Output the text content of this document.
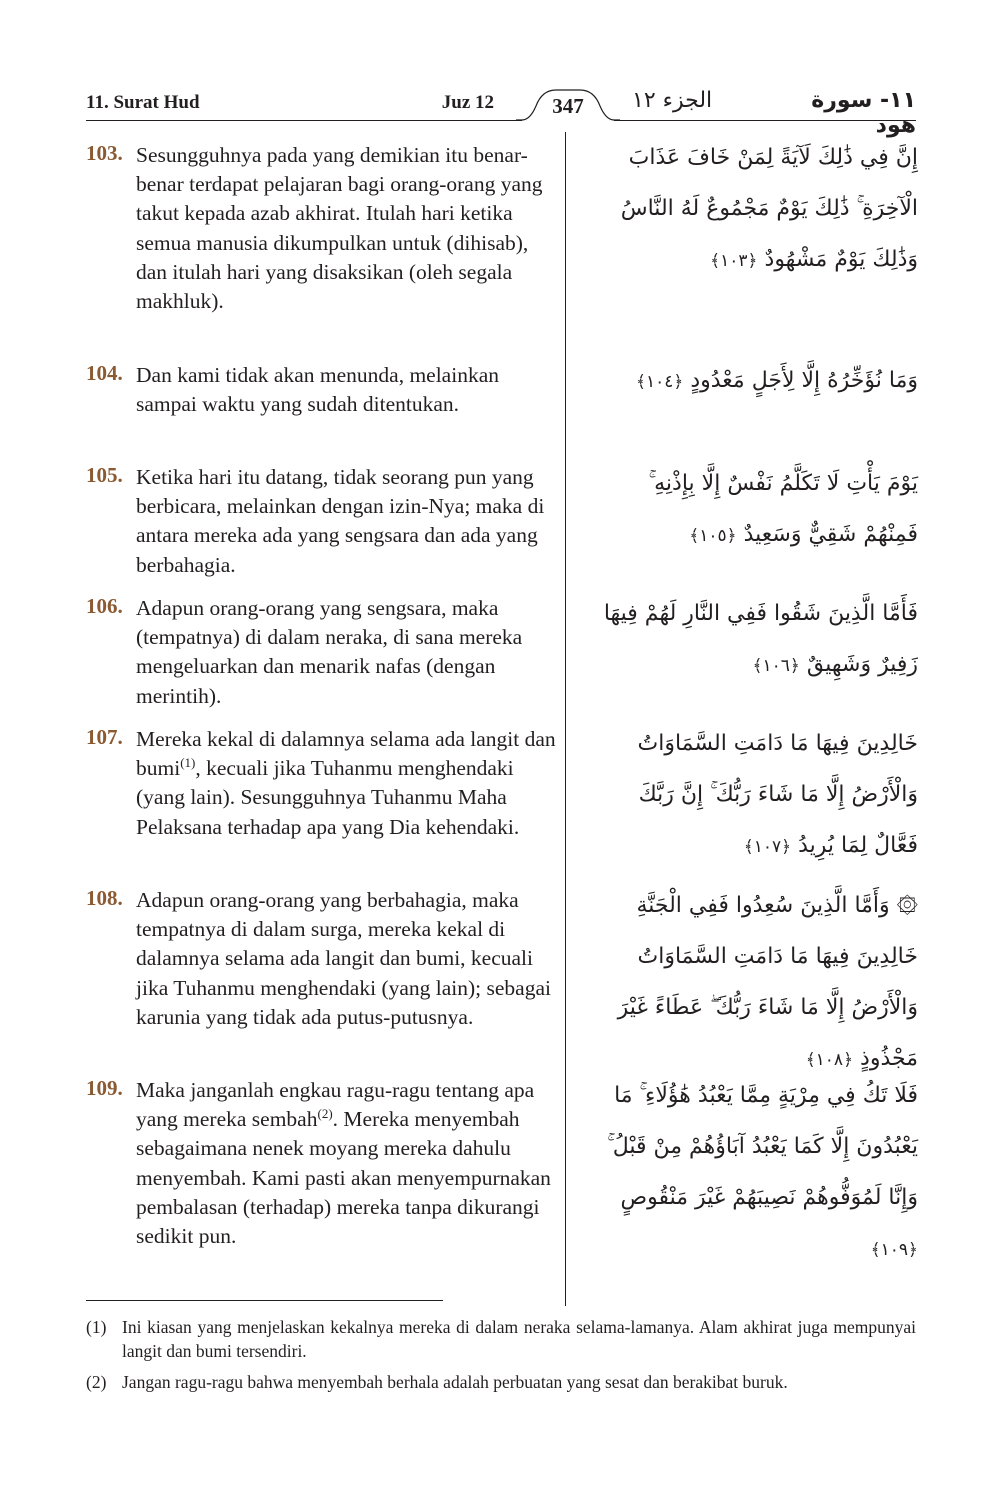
11. Surat Hud	Juz 12	347	الجزء ١٢	١١- سورة هود
103. Sesungguhnya pada yang demikian itu benar-benar terdapat pelajaran bagi orang-orang yang takut kepada azab akhirat. Itulah hari ketika semua manusia dikumpulkan untuk (dihisab), dan itulah hari yang disaksikan (oleh segala makhluk).
إِنَّ فِي ذَٰلِكَ لَآيَةً لِمَنْ خَافَ عَذَابَ الْآخِرَةِ ۚ ذَٰلِكَ يَوْمٌ مَجْمُوعٌ لَهُ النَّاسُ وَذَٰلِكَ يَوْمٌ مَشْهُودٌ ﴿١٠٣﴾
104. Dan kami tidak akan menunda, melainkan sampai waktu yang sudah ditentukan.
وَمَا نُؤَخِّرُهُ إِلَّا لِأَجَلٍ مَعْدُودٍ ﴿١٠٤﴾
105. Ketika hari itu datang, tidak seorang pun yang berbicara, melainkan dengan izin-Nya; maka di antara mereka ada yang sengsara dan ada yang berbahagia.
يَوْمَ يَأْتِ لَا تَكَلَّمُ نَفْسٌ إِلَّا بِإِذْنِهِ ۚ فَمِنْهُمْ شَقِيٌّ وَسَعِيدٌ ﴿١٠٥﴾
106. Adapun orang-orang yang sengsara, maka (tempatnya) di dalam neraka, di sana mereka mengeluarkan dan menarik nafas (dengan merintih).
فَأَمَّا الَّذِينَ شَقُوا فَفِي النَّارِ لَهُمْ فِيهَا زَفِيرٌ وَشَهِيقٌ ﴿١٠٦﴾
107. Mereka kekal di dalamnya selama ada langit dan bumi$^{(1)}$, kecuali jika Tuhanmu menghendaki (yang lain). Sesungguhnya Tuhanmu Maha Pelaksana terhadap apa yang Dia kehendaki.
خَالِدِينَ فِيهَا مَا دَامَتِ السَّمَاوَاتُ وَالْأَرْضُ إِلَّا مَا شَاءَ رَبُّكَ ۚ إِنَّ رَبَّكَ فَعَّالٌ لِمَا يُرِيدُ ﴿١٠٧﴾
108. Adapun orang-orang yang berbahagia, maka tempatnya di dalam surga, mereka kekal di dalamnya selama ada langit dan bumi, kecuali jika Tuhanmu menghendaki (yang lain); sebagai karunia yang tidak ada putus-putusnya.
۞ وَأَمَّا الَّذِينَ سُعِدُوا فَفِي الْجَنَّةِ خَالِدِينَ فِيهَا مَا دَامَتِ السَّمَاوَاتُ وَالْأَرْضُ إِلَّا مَا شَاءَ رَبُّكَ ۖ عَطَاءً غَيْرَ مَجْذُوذٍ ﴿١٠٨﴾
109. Maka janganlah engkau ragu-ragu tentang apa yang mereka sembah$^{(2)}$. Mereka menyembah sebagaimana nenek moyang mereka dahulu menyembah. Kami pasti akan menyempurnakan pembalasan (terhadap) mereka tanpa dikurangi sedikit pun.
فَلَا تَكُ فِي مِرْيَةٍ مِمَّا يَعْبُدُ هَٰؤُلَاءِ ۚ مَا يَعْبُدُونَ إِلَّا كَمَا يَعْبُدُ آبَاؤُهُمْ مِنْ قَبْلُ ۚ وَإِنَّا لَمُوَفُّوهُمْ نَصِيبَهُمْ غَيْرَ مَنْقُوصٍ ﴿١٠٩﴾
(1) Ini kiasan yang menjelaskan kekalnya mereka di dalam neraka selama-lamanya. Alam akhirat juga mempunyai langit dan bumi tersendiri.
(2) Jangan ragu-ragu bahwa menyembah berhala adalah perbuatan yang sesat dan berakibat buruk.
